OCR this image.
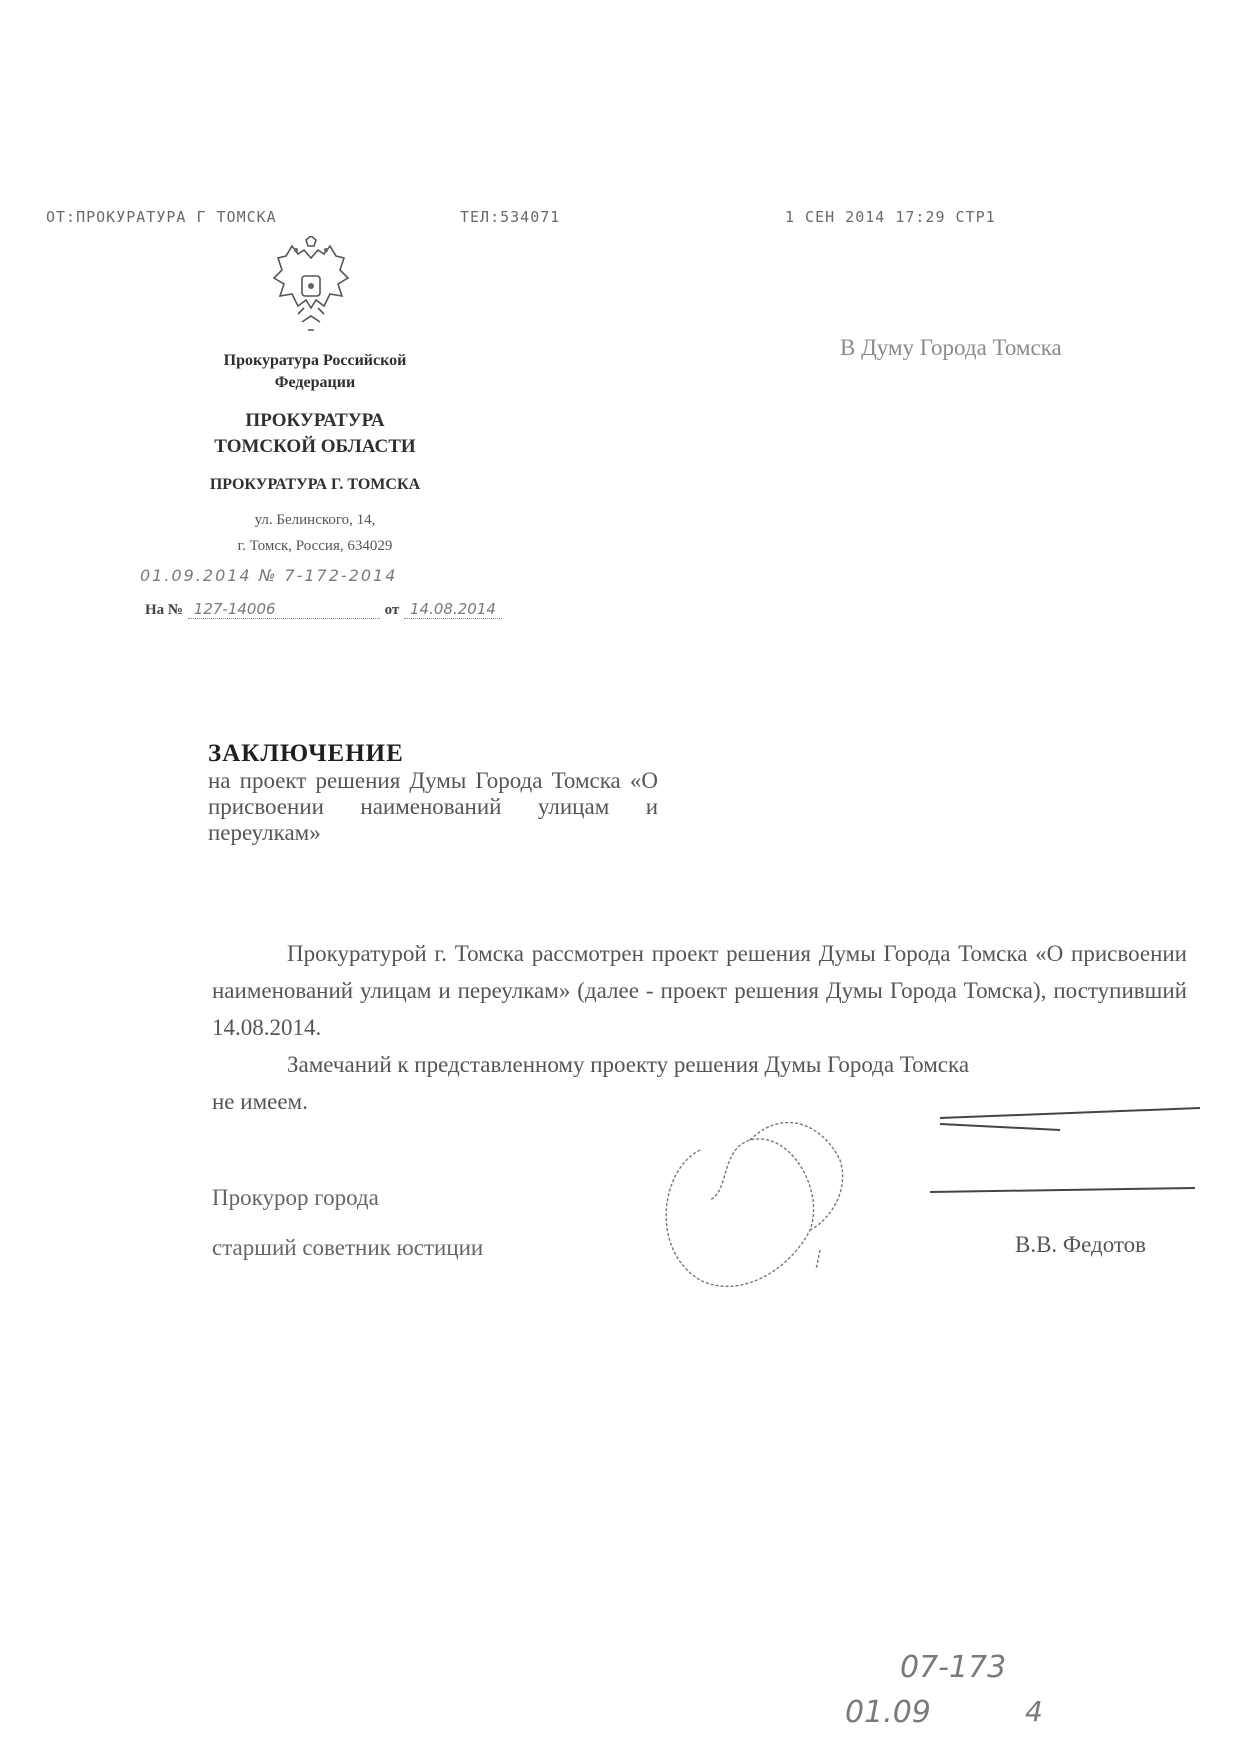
ОТ:ПРОКУРАТУРА Г ТОМСКА	ТЕЛ:534071	1 СЕН 2014 17:29 СТР1
Прокуратура Российской
Федерации
ПРОКУРАТУРА
ТОМСКОЙ ОБЛАСТИ
ПРОКУРАТУРА Г. ТОМСКА
ул. Белинского, 14,
г. Томск, Россия, 634029
01.09.2014 № 7-172-2014
На № 127-14006	от 14.08.2014
В Думу Города Томска
ЗАКЛЮЧЕНИЕ
на проект решения Думы Города Томска «О присвоении наименований улицам и переулкам»

Прокуратурой г. Томска рассмотрен проект решения Думы Города Томска «О присвоении наименований улицам и переулкам» (далее - проект решения Думы Города Томска), поступивший 14.08.2014.

Замечаний к представленному проекту решения Думы Города Томска

не имеем.

Прокурор города
старший советник юстиции	В.В. Федотов
07-173
01.09	4
